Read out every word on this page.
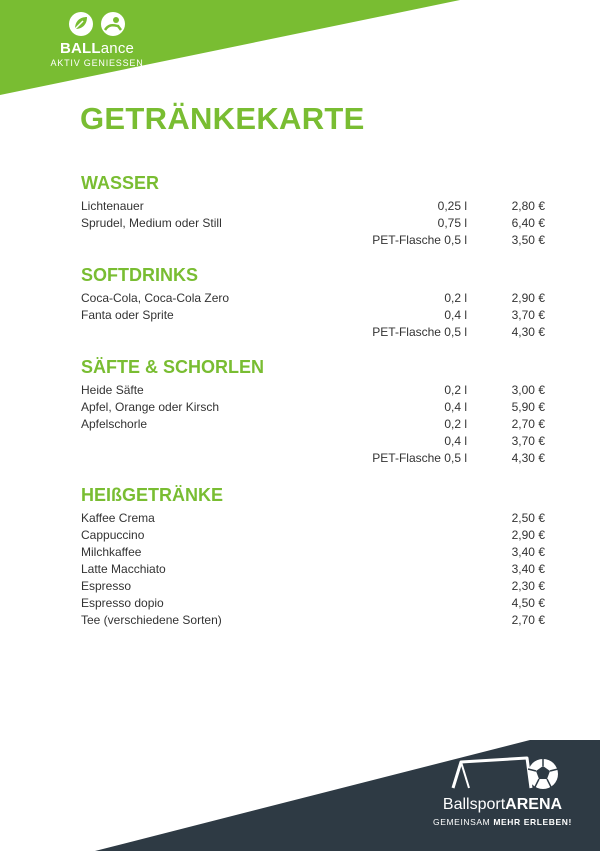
BALLance
AKTIV GENIESSEN
GETRÄNKEKARTE
WASSER
Lichtenauer	0,25 l	2,80 €
Sprudel, Medium oder Still	0,75 l	6,40 €
PET-Flasche 0,5 l	3,50 €
SOFTDRINKS
Coca-Cola, Coca-Cola Zero	0,2 l	2,90 €
Fanta oder Sprite	0,4 l	3,70 €
PET-Flasche 0,5 l	4,30 €
SÄFTE & SCHORLEN
Heide Säfte	0,2 l	3,00 €
Apfel, Orange oder Kirsch	0,4 l	5,90 €
Apfelschorle	0,2 l	2,70 €
0,4 l	3,70 €
PET-Flasche 0,5 l	4,30 €
HEIßGETRÄNKE
Kaffee Crema	2,50 €
Cappuccino	2,90 €
Milchkaffee	3,40 €
Latte Macchiato	3,40 €
Espresso	2,30 €
Espresso dopio	4,50 €
Tee (verschiedene Sorten)	2,70 €
BallsportARENA
GEMEINSAM MEHR ERLEBEN!
